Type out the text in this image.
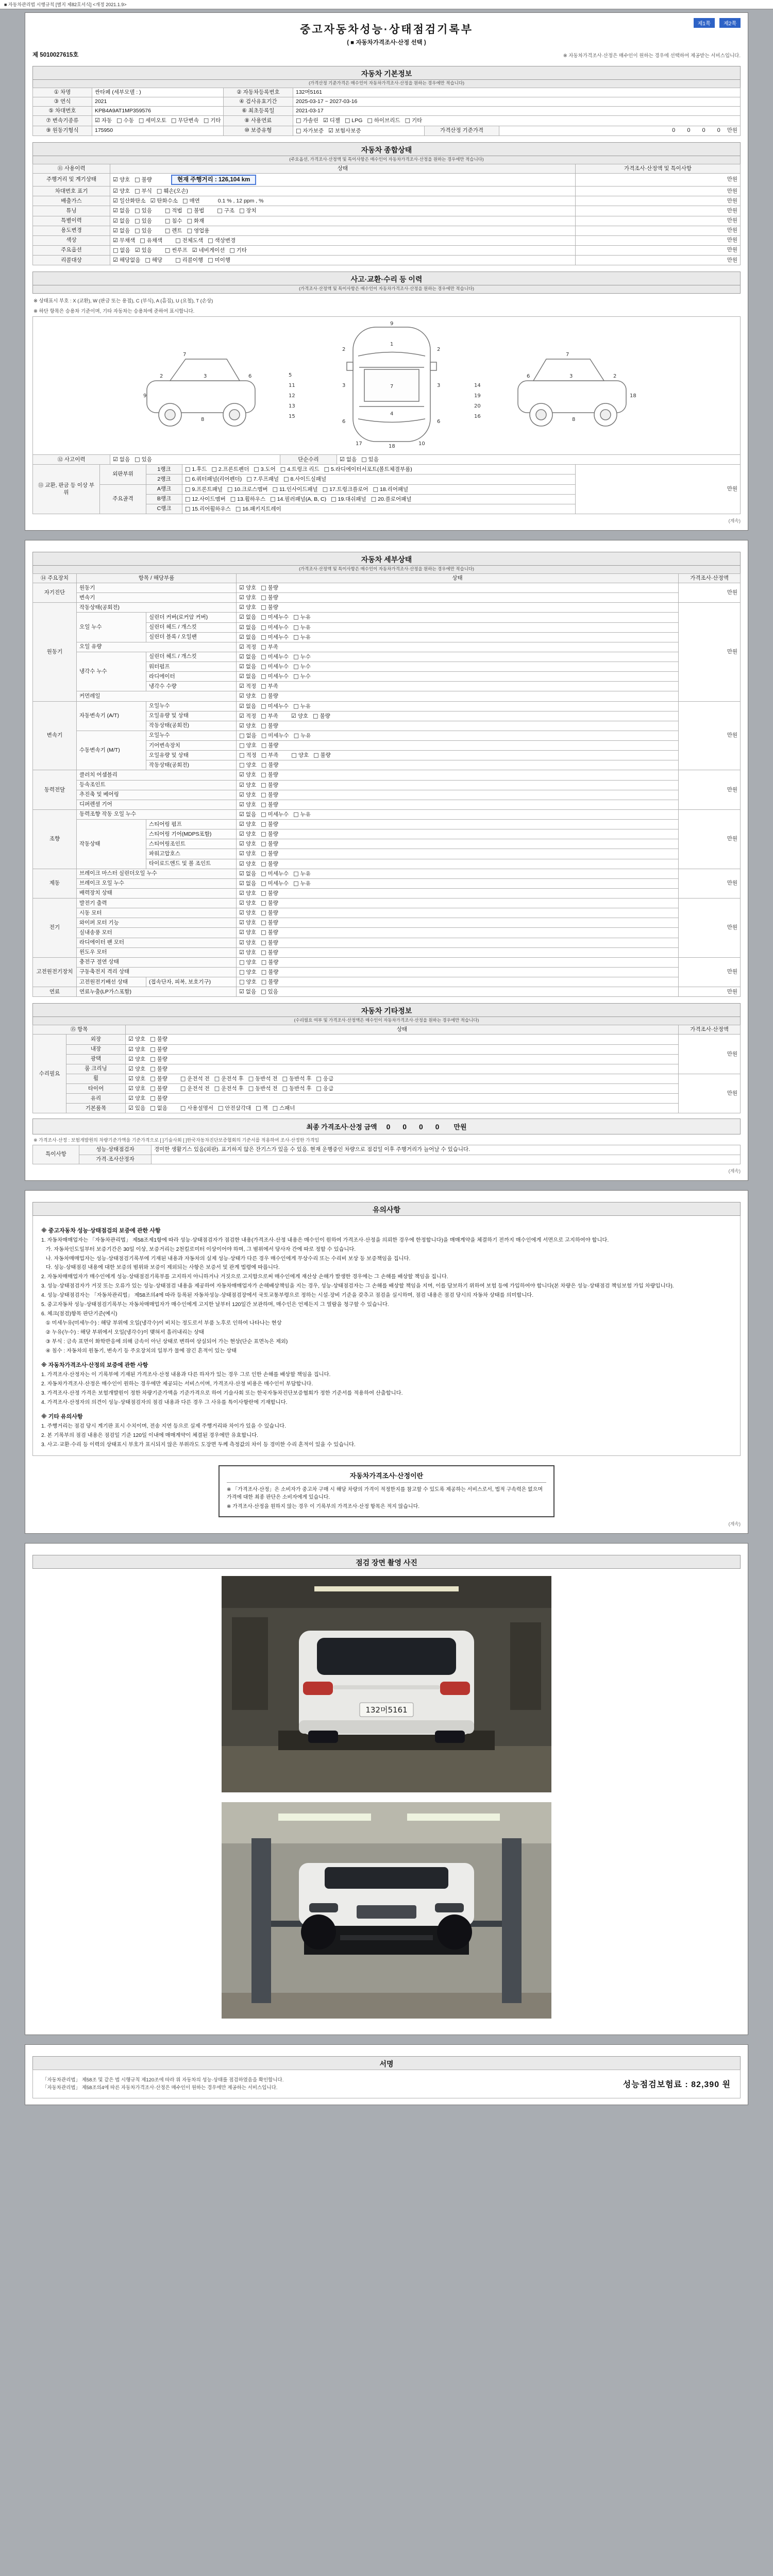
■ 자동차관리법 시행규칙 [별지 제82호서식] <개정 2021.1.9>
제1쪽	제2쪽
중고자동차성능·상태점검기록부
( ■ 자동차가격조사·산정 선택 )
제 5010027615호	※ 자동차가격조사·산정은 매수인이 원하는 경우에 선택하여 제공받는 서비스입니다.
자동차 기본정보
(가격산정 기준가격은 매수인이 자동차가격조사·산정을 원하는 경우에만 적습니다)
① 차명	싼타페 (세부모델 : )	② 자동차등록번호	132머5161		
③ 연식	2021	④ 검사유효기간	2025-03-17 ~ 2027-03-16		
⑤ 차대번호	KPB4A9AT1MP359576	⑥ 최초등록일	2021-03-17		
⑦ 변속기종류	☑ 자동 □ 수동 □ 세미오토 □ 무단변속 □ 기타	⑧ 사용연료	□ 가솔린 ☑ 디젤 □ LPG □ 하이브리드 □ 기타		
⑨ 원동기형식	175950	⑩ 보증유형	□ 자가보증 ☑ 보험사보증	가격산정 기준가격	0 0 0 0 만원
자동차 종합상태
(주요옵션, 가격조사·산정액 및 특이사항은 매수인이 자동차가격조사·산정을 원하는 경우에만 적습니다)
⑪ 사용이력	상태	가격조사·산정액 및 특이사항
주행거리 및 계기상태	☑ 양호 □ 불량 현재 주행거리 : 126,104 km	만원
차대번호 표기	☑ 양호 □ 부식 □ 훼손(오손)	만원
배출가스	☑ 일산화탄소 ☑ 탄화수소 □ 매연 0.1 % , 12 ppm , %	만원
튜닝	☑ 없음 □ 있음 □ 적법 □ 불법 □ 구조 □ 장치	만원
특별이력	☑ 없음 □ 있음 □ 침수 □ 화재	만원
용도변경	☑ 없음 □ 있음 □ 렌트 □ 영업용	만원
색상	☑ 무채색 □ 유채색 □ 전체도색 □ 색상변경	만원
주요옵션	□ 없음 ☑ 있음 □ 썬루프 ☑ 네비게이션 □ 기타	만원
리콜대상	☑ 해당없음 □ 해당 □ 리콜이행 □ 미이행	만원
사고·교환·수리 등 이력
(가격조사·산정액 및 특이사항은 매수인이 자동차가격조사·산정을 원하는 경우에만 적습니다)
※ 상태표시 부호 : X (교환), W (판금 또는 용접), C (부식), A (흠집), U (요철), T (손상)
※ 하단 항목은 승용차 기준이며, 기타 자동차는 승용차에 준하여 표시합니다.
7
2	3	6
8
9
9
1
7
4
18
2	2
3	3
6	6
17	10
7
6	3	2
8
18
11
12
13
14
19
20
15	16
5
⑫ 사고이력	☑ 없음 □ 있음	단순수리	☑ 없음 □ 있음
⑬ 교환, 판금 등 이상 부위	외판부위	1랭크	□ 1.후드 □ 2.프론트펜더 □ 3.도어 □ 4.트렁크 리드 □ 5.라디에이터서포트(볼트체결부품)	만원
		2랭크	□ 6.쿼터패널(리어펜더) □ 7.루프패널 □ 8.사이드실패널	
	주요골격	A랭크	□ 9.프론트패널 □ 10.크로스멤버 □ 11.인사이드패널 □ 17.트렁크플로어 □ 18.리어패널	
		B랭크	□ 12.사이드멤버 □ 13.휠하우스 □ 14.필러패널(A, B, C) □ 19.대쉬패널 □ 20.플로어패널	
		C랭크	□ 15.리어휠하우스 □ 16.패키지트레이	
(계속)
자동차 세부상태
(가격조사·산정액 및 특이사항은 매수인이 자동차가격조사·산정을 원하는 경우에만 적습니다)
⑭ 주요장치	항목 / 해당부품		상태	가격조사·산정액
자기진단	원동기		☑ 양호 □ 불량	만원
	변속기		☑ 양호 □ 불량	
원동기	작동상태(공회전)		☑ 양호 □ 불량	만원
	오일 누수	실린더 커버(로커암 커버)	☑ 없음 □ 미세누수 □ 누유	
		실린더 헤드 / 개스킷	☑ 없음 □ 미세누수 □ 누유	
		실린더 블록 / 오일팬	☑ 없음 □ 미세누수 □ 누유	
	오일 유량		☑ 적정 □ 부족	
	냉각수 누수	실린더 헤드 / 개스킷	☑ 없음 □ 미세누수 □ 누수	
		워터펌프	☑ 없음 □ 미세누수 □ 누수	
		라디에이터	☑ 없음 □ 미세누수 □ 누수	
		냉각수 수량	☑ 적정 □ 부족	
	커먼레일		☑ 양호 □ 불량	
변속기	자동변속기 (A/T)	오일누수	☑ 없음 □ 미세누수 □ 누유	만원
		오일유량 및 상태	☑ 적정 □ 부족 ☑ 양호 □ 불량	
		작동상태(공회전)	☑ 양호 □ 불량	
	수동변속기 (M/T)	오일누수	□ 없음 □ 미세누수 □ 누유	
		기어변속장치	□ 양호 □ 불량	
		오일유량 및 상태	□ 적정 □ 부족 □ 양호 □ 불량	
		작동상태(공회전)	□ 양호 □ 불량	
동력전달	클러치 어셈블리		☑ 양호 □ 불량	만원
	등속조인트		☑ 양호 □ 불량	
	추진축 및 베어링		☑ 양호 □ 불량	
	디퍼렌셜 기어		☑ 양호 □ 불량	
조향	동력조향 작동 오일 누수		☑ 없음 □ 미세누수 □ 누유	만원
	작동상태	스티어링 펌프	☑ 양호 □ 불량	
		스티어링 기어(MDPS포함)	☑ 양호 □ 불량	
		스티어링조인트	☑ 양호 □ 불량	
		파워고압호스	☑ 양호 □ 불량	
		타이로드엔드 및 볼 조인트	☑ 양호 □ 불량	
제동	브레이크 마스터 실린더오일 누수		☑ 없음 □ 미세누수 □ 누유	만원
	브레이크 오일 누수		☑ 없음 □ 미세누수 □ 누유	
	배력장치 상태		☑ 양호 □ 불량	
전기	발전기 출력		☑ 양호 □ 불량	만원
	시동 모터		☑ 양호 □ 불량	
	와이퍼 모터 기능		☑ 양호 □ 불량	
	실내송풍 모터		☑ 양호 □ 불량	
	라디에이터 팬 모터		☑ 양호 □ 불량	
	윈도우 모터		☑ 양호 □ 불량	
고전원전기장치	충전구 절연 상태		□ 양호 □ 불량	만원
	구동축전지 격리 상태		□ 양호 □ 불량	
	고전원전기배선 상태	(접속단자, 피복, 보호기구)	□ 양호 □ 불량	
연료	연료누출(LP가스포함)		☑ 없음 □ 있음	만원
자동차 기타정보
(수리필요 여부 및 가격조사·산정액은 매수인이 자동차가격조사·산정을 원하는 경우에만 적습니다)
⑮ 항목		상태	가격조사·산정액
수리필요	외장	☑ 양호 □ 불량	만원
	내장	☑ 양호 □ 불량	
	광택	☑ 양호 □ 불량	
	룸 크리닝	☑ 양호 □ 불량	
	휠	☑ 양호 □ 불량 □ 운전석 전 □ 운전석 후 □ 동반석 전 □ 동반석 후 □ 응급	만원
	타이어	☑ 양호 □ 불량 □ 운전석 전 □ 운전석 후 □ 동반석 전 □ 동반석 후 □ 응급	
	유리	☑ 양호 □ 불량	
	기본품목	☑ 있음 □ 없음 □ 사용설명서 □ 안전삼각대 □ 잭 □ 스패너	
최종 가격조사·산정 금액 0 0 0 0 만원
※ 가격조사·산정 : 보험개발원의 차량기준가액을 기준가격으로 [ ]기술사회 [ ]한국자동차진단보증협회의 기준서를 적용하여 조사·산정한 가격임
특이사항	성능·상태점검자	경미한 생활기스 있음(외판). 표기하지 않은 잔기스가 있을 수 있음. 현재 운행중인 차량으로 점검일 이후 주행거리가 늘어날 수 있습니다.
	가격·조사산정자	
(계속)
유의사항
※ 중고자동차 성능·상태점검의 보증에 관한 사항
1. 자동차매매업자는 「자동차관리법」 제58조제1항에 따라 성능·상태점검자가 점검한 내용(가격조사·산정 내용은 매수인이 원하여 가격조사·산정을 의뢰한 경우에 한정합니다)을 매매계약을 체결하기 전까지 매수인에게 서면으로 고지하여야 합니다.
가. 자동차인도일부터 보증기간은 30일 이상, 보증거리는 2천킬로미터 이상이어야 하며, 그 범위에서 당사자 간에 따로 정할 수 있습니다.
나. 자동차매매업자는 성능·상태점검기록부에 기재된 내용과 자동차의 실제 성능·상태가 다른 경우 매수인에게 무상수리 또는 수리비 보상 등 보증책임을 집니다.
다. 성능·상태점검 내용에 대한 보증의 범위와 보증이 제외되는 사항은 보증서 및 관계 법령에 따릅니다.
2. 자동차매매업자가 매수인에게 성능·상태점검기록부를 고지하지 아니하거나 거짓으로 고지함으로써 매수인에게 재산상 손해가 발생한 경우에는 그 손해를 배상할 책임을 집니다.
3. 성능·상태점검자가 거짓 또는 오류가 있는 성능·상태점검 내용을 제공하여 자동차매매업자가 손해배상책임을 지는 경우, 성능·상태점검자는 그 손해를 배상할 책임을 지며, 이를 담보하기 위하여 보험 등에 가입하여야 합니다(본 차량은 성능·상태점검 책임보험 가입 차량입니다).
4. 성능·상태점검자는 「자동차관리법」 제58조의4에 따라 등록된 자동차성능·상태점검장에서 국토교통부령으로 정하는 시설·장비 기준을 갖추고 점검을 실시하며, 점검 내용은 점검 당시의 자동차 상태를 의미합니다.
5. 중고자동차 성능·상태점검기록부는 자동차매매업자가 매수인에게 고지한 날부터 120일간 보관하며, 매수인은 언제든지 그 열람을 청구할 수 있습니다.
6. 체크(점검)항목 판단기준(예시)
① 미세누유(미세누수) : 해당 부위에 오일(냉각수)이 비치는 정도로서 부품 노후로 인하여 나타나는 현상
② 누유(누수) : 해당 부위에서 오일(냉각수)이 맺혀서 흘러내리는 상태
③ 부식 : 금속 표면이 화학반응에 의해 금속이 아닌 상태로 변하여 상실되어 가는 현상(단순 표면녹은 제외)
④ 침수 : 자동차의 원동기, 변속기 등 주요장치의 일부가 물에 잠긴 흔적이 있는 상태
※ 자동차가격조사·산정의 보증에 관한 사항
1. 가격조사·산정자는 이 기록부에 기재된 가격조사·산정 내용과 다른 하자가 있는 경우 그로 인한 손해를 배상할 책임을 집니다.
2. 자동차가격조사·산정은 매수인이 원하는 경우에만 제공되는 서비스이며, 가격조사·산정 비용은 매수인이 부담합니다.
3. 가격조사·산정 가격은 보험개발원이 정한 차량기준가액을 기준가격으로 하여 기술사회 또는 한국자동차진단보증협회가 정한 기준서를 적용하여 산출합니다.
4. 가격조사·산정자의 의견이 성능·상태점검자의 점검 내용과 다른 경우 그 사유를 특이사항란에 기재합니다.
※ 기타 유의사항
1. 주행거리는 점검 당시 계기판 표시 수치이며, 전송 지연 등으로 실제 주행거리와 차이가 있을 수 있습니다.
2. 본 기록부의 점검 내용은 점검일 기준 120일 이내에 매매계약이 체결된 경우에만 유효합니다.
3. 사고·교환·수리 등 이력의 상태표시 부호가 표시되지 않은 부위라도 도장면 두께 측정값의 차이 등 경미한 수리 흔적이 있을 수 있습니다.
자동차가격조사·산정이란
※ 「가격조사·산정」은 소비자가 중고차 구매 시 해당 차량의 가격이 적정한지를 참고할 수 있도록 제공하는 서비스로서, 법적 구속력은 없으며 가격에 대한 최종 판단은 소비자에게 있습니다.
※ 가격조사·산정을 원하지 않는 경우 이 기록부의 가격조사·산정 항목은 적지 않습니다.
(계속)
점검 장면 촬영 사진
132머5161
서명
「자동차관리법」 제58조 및 같은 법 시행규칙 제120조에 따라 위 자동차의 성능·상태를 점검하였음을 확인합니다.
「자동차관리법」 제58조의4에 따른 자동차가격조사·산정은 매수인이 원하는 경우에만 제공하는 서비스입니다.	성능점검보험료 : 82,390 원
